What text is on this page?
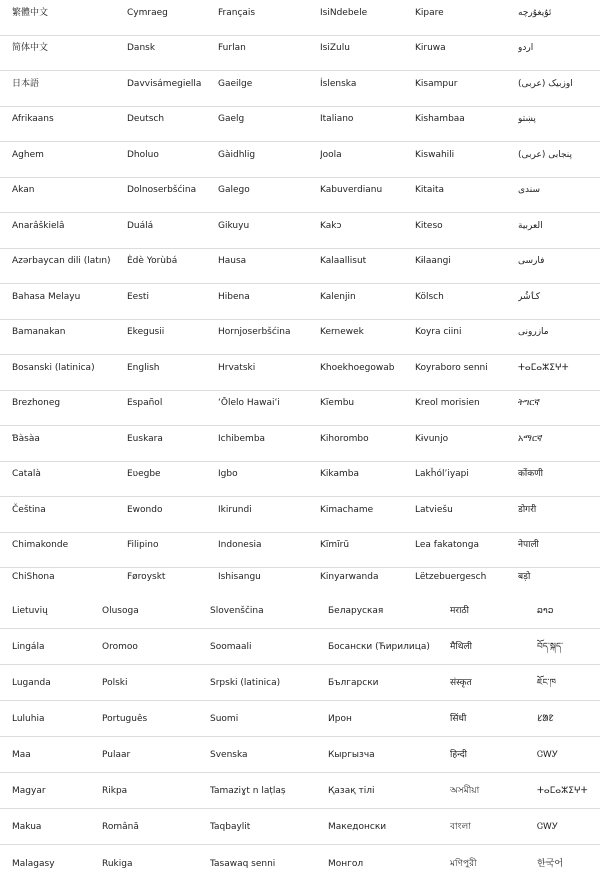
繁體中文	Cymraeg	Français	IsiNdebele	Kipare	ئۇيغۇرچە
简体中文	Dansk	Furlan	IsiZulu	Kiruwa	اردو
日本語	Davvisámegiella	Gaeilge	Íslenska	Kisampur	اوزبیک (عربی)
Afrikaans	Deutsch	Gaelg	Italiano	Kishambaa	پښتو
Aghem	Dholuo	Gàidhlig	Joola	Kiswahili	پنجابی (عربی)
Akan	Dolnoserbšćina	Galego	Kabuverdianu	Kitaita	سندی
Anarâškielâ	Duálá	Gikuyu	Kakɔ	Kiteso	العربية
Azərbaycan dili (latın)	Èdè Yorùbá	Hausa	Kalaallisut	Kɨlaangi	فارسی
Bahasa Melayu	Eesti	Hibena	Kalenjin	Kölsch	کٲشُر
Bamanakan	Ekegusii	Hornjoserbšćina	Kernewek	Koyra ciini	مازرونی
Bosanski (latinica)	English	Hrvatski	Khoekhoegowab	Koyraboro senni	ⵜⴰⵎⴰⵣⵉⵖⵜ
Brezhoneg	Español	ʻŌlelo Hawaiʻi	Kĩembu	Kreol morisien	ትግርኛ
Ɓàsàa	Euskara	Ichibemba	Kihorombo	Kɨvunjo	አማርኛ
Català	Eʋegbe	Igbo	Kikamba	Lakȟólʼiyapi	कोंकणी
Čeština	Ewondo	Ikirundi	Kimachame	Latviešu	डोगरी
Chimakonde	Filipino	Indonesia	Kĩmĩrũ	Lea fakatonga	नेपाली
ChiShona	Føroyskt	Ishisangu	Kinyarwanda	Lëtzebuergesch	बड़ो
Lietuvių	Olusoga	Slovenščina	Беларуская	मराठी	ລາວ
Lingála	Oromoo	Soomaali	Босански (Ћирилица)	मैथिली	བོད་སྐད་
Luganda	Polski	Srpski (latinica)	Български	संस्कृत	ཇོང་ཁ
Luluhia	Português	Suomi	Ирон	सिंधी	ᱥᱟᱱ
Maa	Pulaar	Svenska	Кыргызча	हिन्दी	ᏣᎳᎩ
Magyar	Rikpa	Tamaziɣt n laṭlaṣ	Қазақ тілі	অসমীয়া	ⵜⴰⵎⴰⵣⵉⵖⵜ
Makua	Română	Taqbaylit	Македонски	বাংলা	ᏣᎳᎩ
Malagasy	Rukiga	Tasawaq senni	Монгол	মণিপুরী	한국어
